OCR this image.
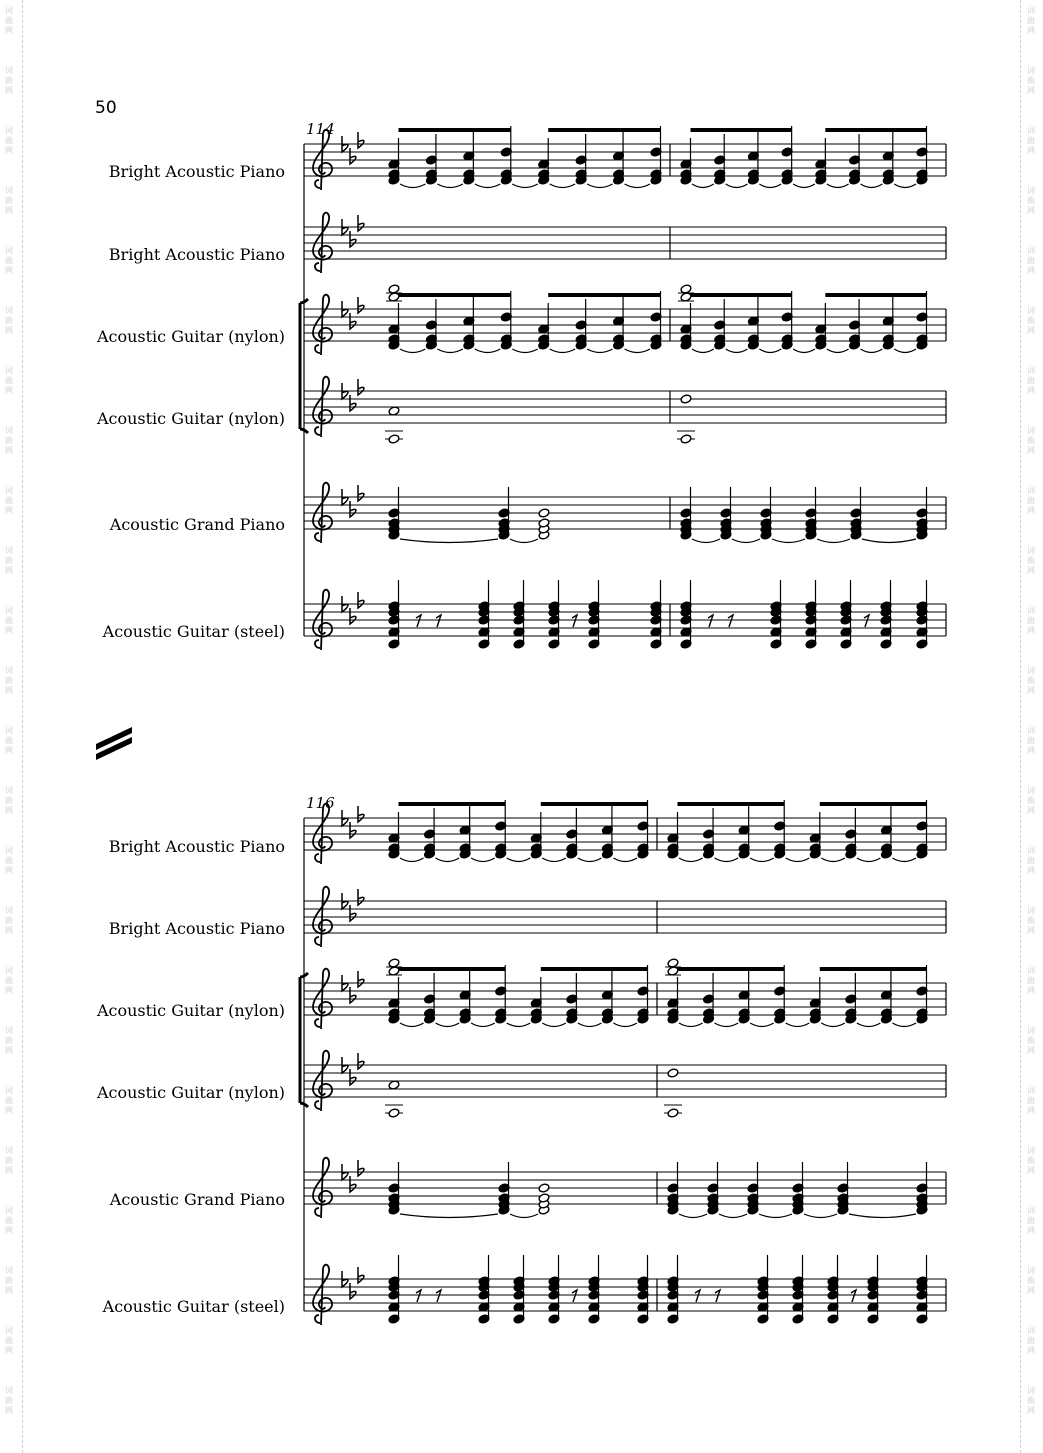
词
曲
网
词
曲
网
词
曲
网
词
曲
网
词
曲
网
词
曲
网
词
曲
网
词
曲
网
词
曲
网
词
曲
网
词
曲
网
词
曲
网
词
曲
网
词
曲
网
词
曲
网
词
曲
网
词
曲
网
词
曲
网
词
曲
网
词
曲
网
词
曲
网
词
曲
网
词
曲
网
词
曲
网
词
曲
网
词
曲
网
词
曲
网
词
曲
网
词
曲
网
词
曲
网
词
曲
网
词
曲
网
词
曲
网
词
曲
网
词
曲
网
词
曲
网
词
曲
网
词
曲
网
词
曲
网
词
曲
网
词
曲
网
词
曲
网
词
曲
网
词
曲
网
词
曲
网
词
曲
网
词
曲
网
词
曲
网
50
114
116
Bright Acoustic Piano
Bright Acoustic Piano
Acoustic Guitar (nylon)
Acoustic Guitar (nylon)
Acoustic Grand Piano
Acoustic Guitar (steel)
Bright Acoustic Piano
Bright Acoustic Piano
Acoustic Guitar (nylon)
Acoustic Guitar (nylon)
Acoustic Grand Piano
Acoustic Guitar (steel)
